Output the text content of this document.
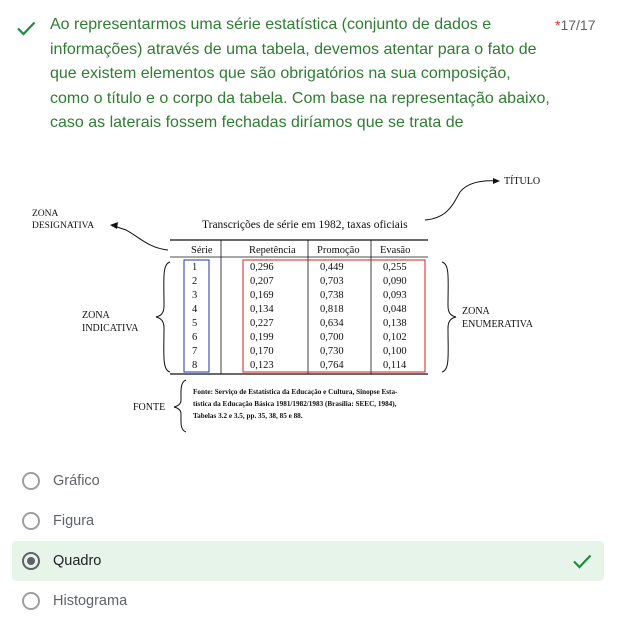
Ao representarmos uma série estatística (conjunto de dados e informações) através de uma tabela, devemos atentar para o fato de que existem elementos que são obrigatórios na sua composição, como o título e o corpo da tabela. Com base na representação abaixo, caso as laterais fossem fechadas diríamos que se trata de
*17/17
TÍTULO
ZONA
DESIGNATIVA	Transcrições de série em 1982, taxas oficiais
Série	Repetência Promoção Evasão
1	0,296	0,449	0,255
2	0,207	0,703	0,090
3	0,169	0,738	0,093
4	0,134	0,818	0,048
5	0,227	0,634	0,138
6	0,199	0,700	0,102
7	0,170	0,730	0,100
8	0,123	0,764	0,114
ZONA
INDICATIVA
ZONA
ENUMERATIVA
FONTE
Fonte: Serviço de Estatística da Educação e Cultura, Sinopse Esta-
tística da Educação Básica 1981/1982/1983 (Brasília: SEEC, 1984),
Tabelas 3.2 e 3.5, pp. 35, 38, 85 e 88.
Gráfico
Figura
Quadro
Histograma
